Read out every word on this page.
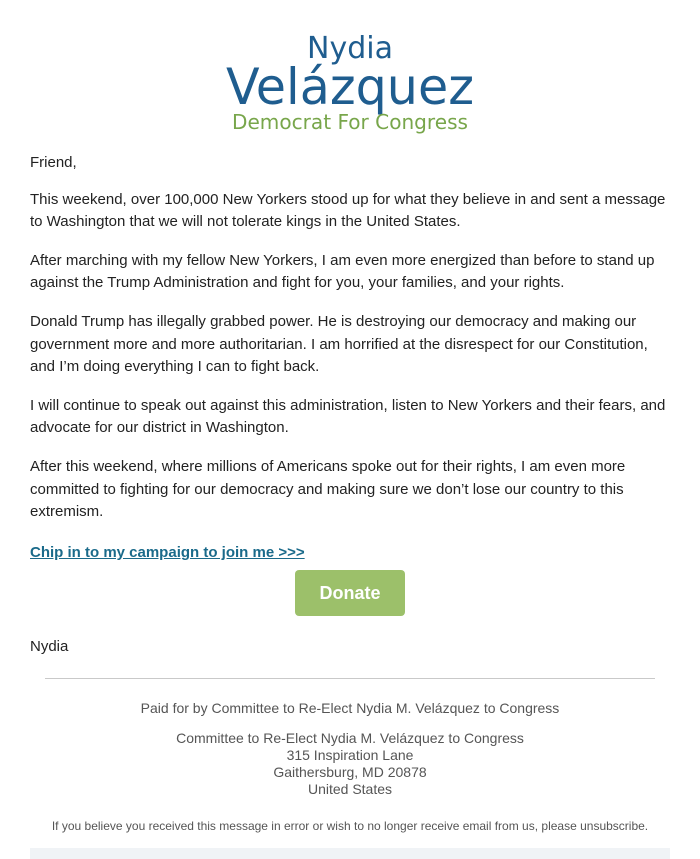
Nydia
Velázquez
Democrat For Congress

Friend,

This weekend, over 100,000 New Yorkers stood up for what they believe in and sent a message to Washington that we will not tolerate kings in the United States.

After marching with my fellow New Yorkers, I am even more energized than before to stand up against the Trump Administration and fight for you, your families, and your rights.

Donald Trump has illegally grabbed power. He is destroying our democracy and making our government more and more authoritarian. I am horrified at the disrespect for our Constitution, and I’m doing everything I can to fight back.

I will continue to speak out against this administration, listen to New Yorkers and their fears, and advocate for our district in Washington.

After this weekend, where millions of Americans spoke out for their rights, I am even more committed to fighting for our democracy and making sure we don’t lose our country to this extremism.

Chip in to my campaign to join me >>>
Donate
Nydia
Paid for by Committee to Re-Elect Nydia M. Velázquez to Congress
Committee to Re-Elect Nydia M. Velázquez to Congress
315 Inspiration Lane
Gaithersburg, MD 20878
United States
If you believe you received this message in error or wish to no longer receive email from us, please unsubscribe.
